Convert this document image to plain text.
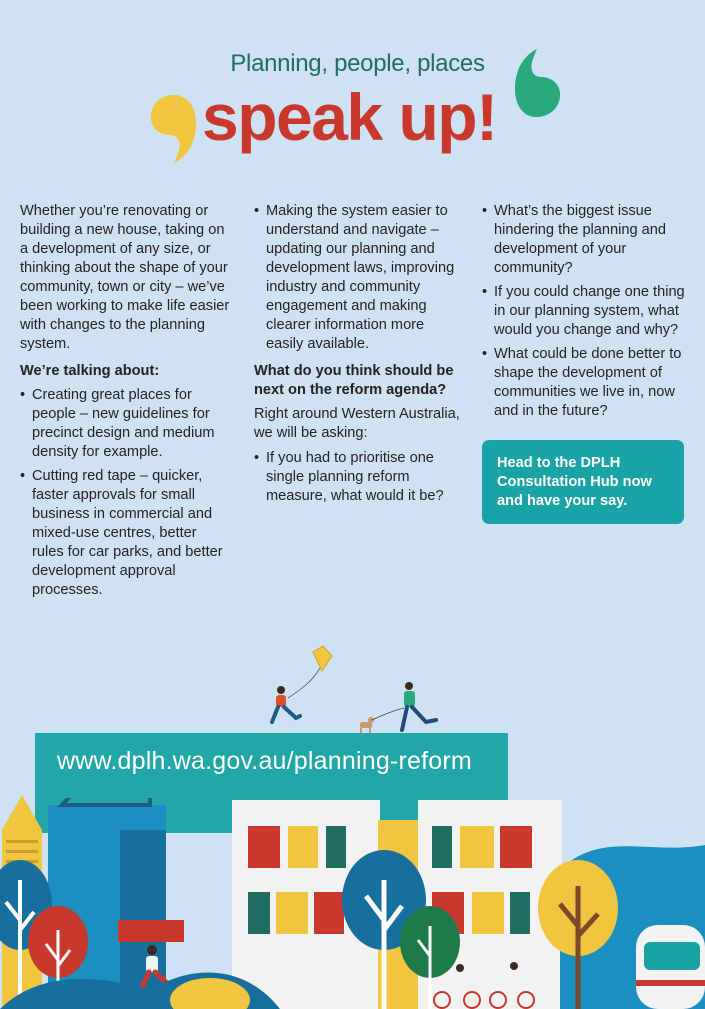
Planning, people, places
speak up!

Whether you’re renovating or building a new house, taking on a development of any size, or thinking about the shape of your community, town or city – we’ve been working to make life easier with changes to the planning system.

We’re talking about:
• Creating great places for people – new guidelines for precinct design and medium density for example.
• Cutting red tape – quicker, faster approvals for small business in commercial and mixed-use centres, better rules for car parks, and better development approval processes.
• Making the system easier to understand and navigate – updating our planning and development laws, improving industry and community engagement and making clearer information more easily available.
What do you think should be next on the reform agenda?

Right around Western Australia, we will be asking:

• If you had to prioritise one single planning reform measure, what would it be?
• What’s the biggest issue hindering the planning and development of your community?
• If you could change one thing in our planning system, what would you change and why?
• What could be done better to shape the development of communities we live in, now and in the future?
Head to the DPLH Consultation Hub now and have your say.
www.dplh.wa.gov.au/planning-reform
